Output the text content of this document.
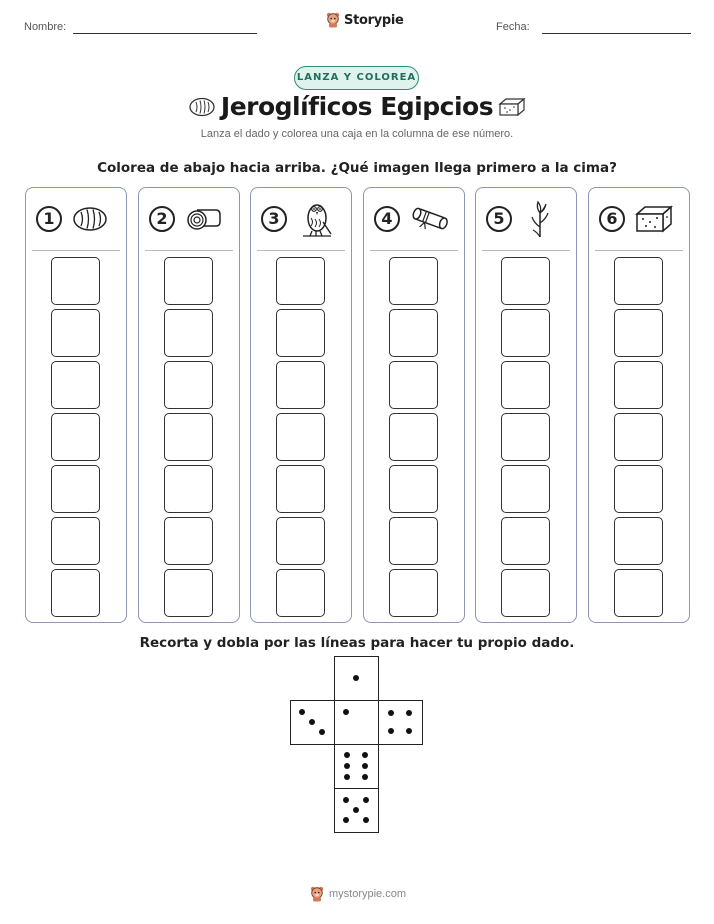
Nombre:	Fecha:
Storypie
LANZA Y COLOREA
Jeroglíficos Egipcios
Lanza el dado y colorea una caja en la columna de ese número.
Colorea de abajo hacia arriba. ¿Qué imagen llega primero a la cima?
1	2	3	4	5	6
Recorta y dobla por las líneas para hacer tu propio dado.
mystorypie.com
